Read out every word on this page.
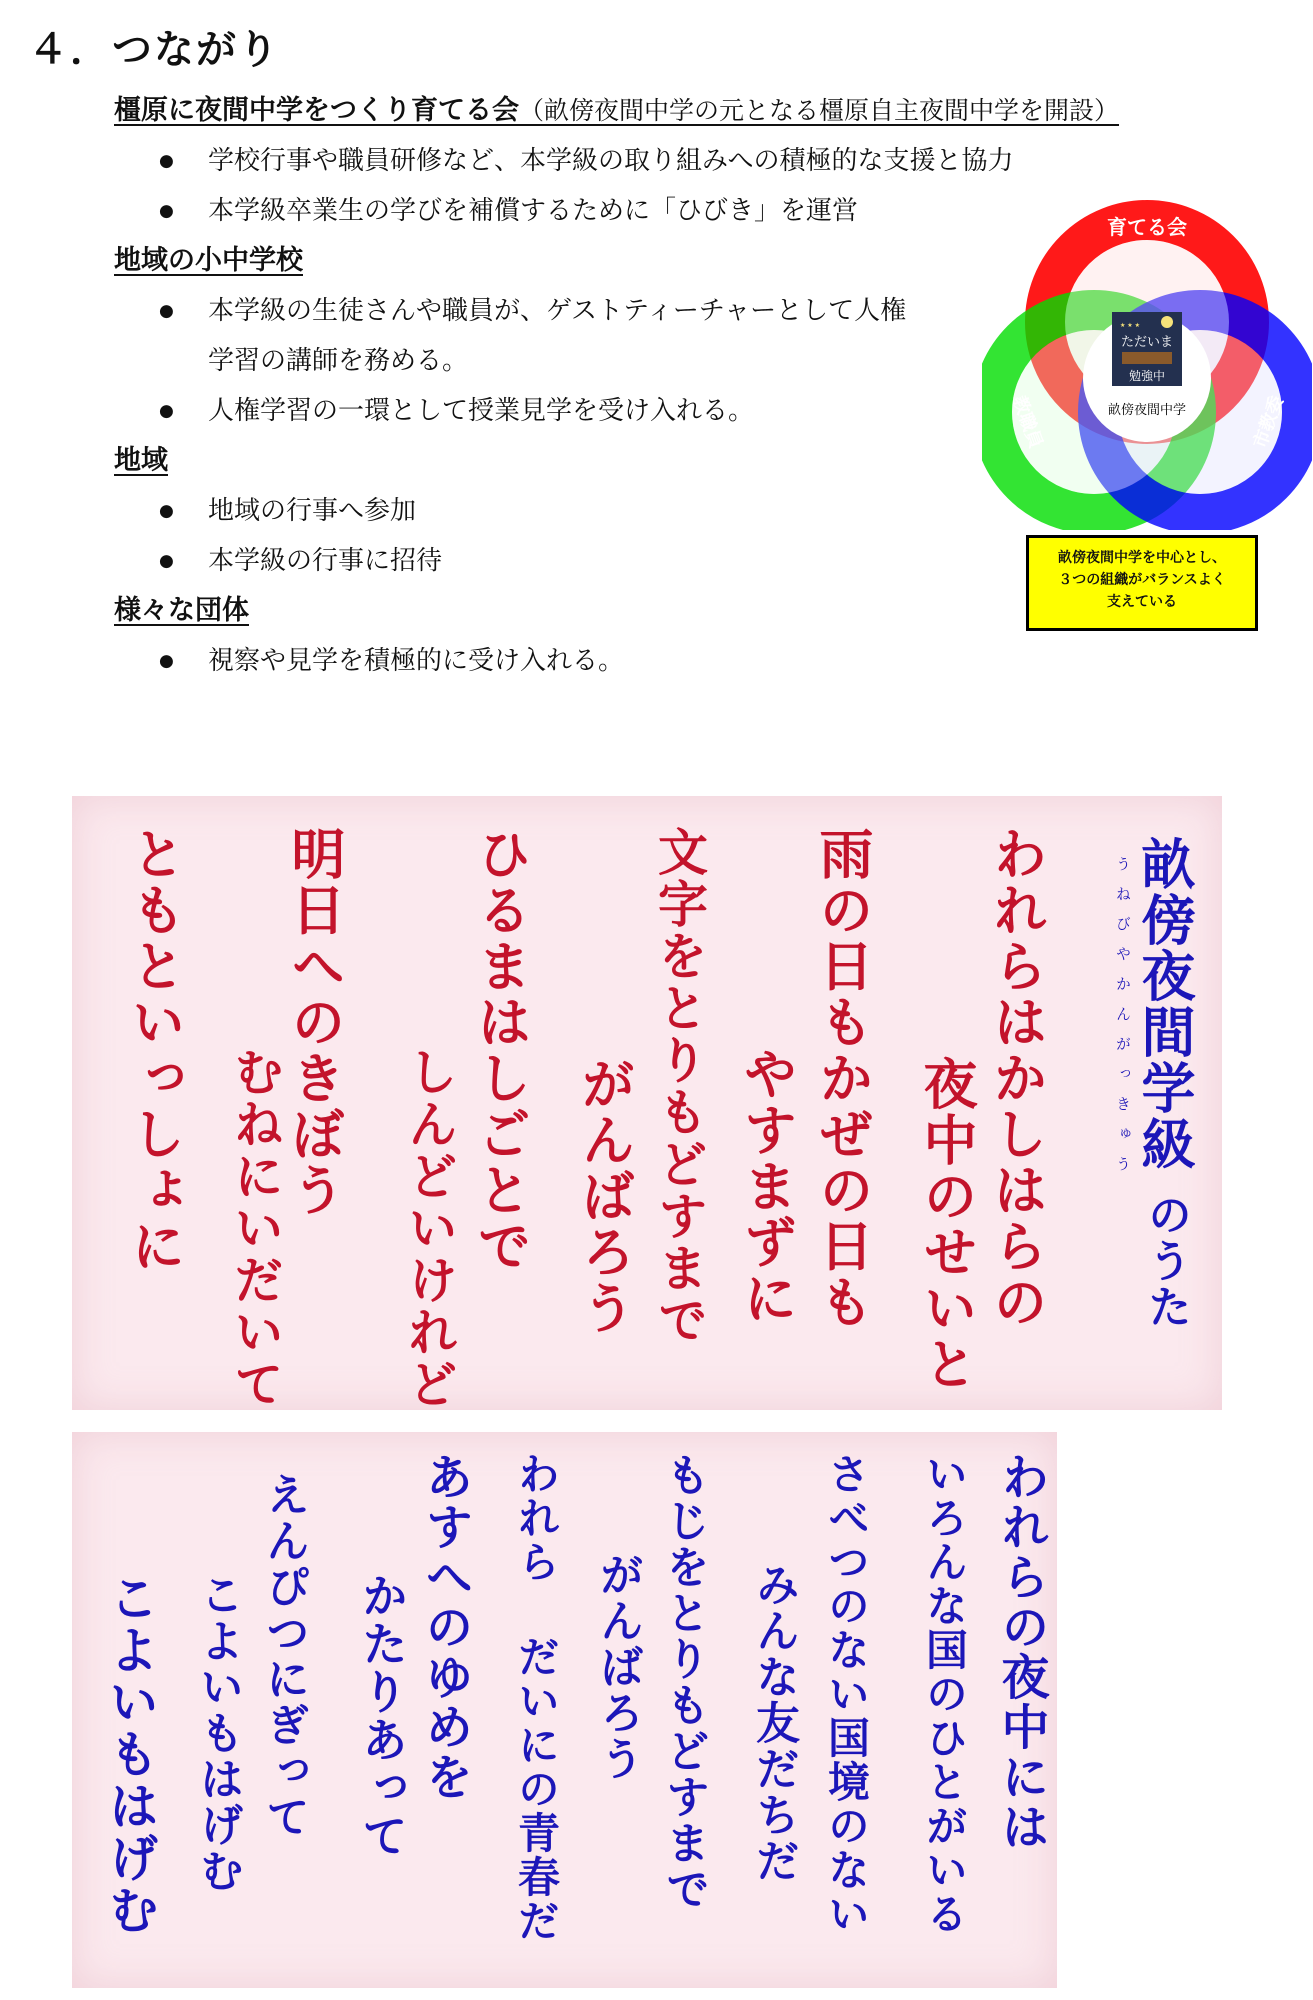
４．つながり
橿原に夜間中学をつくり育てる会（畝傍夜間中学の元となる橿原自主夜間中学を開設）
● 学校行事や職員研修など、本学級の取り組みへの積極的な支援と協力
● 本学級卒業生の学びを補償するために「ひびき」を運営
地域の小中学校
● 本学級の生徒さんや職員が、ゲストティーチャーとして人権
学習の講師を務める。
● 人権学習の一環として授業見学を受け入れる。
地域
● 地域の行事へ参加
● 本学級の行事に招待
様々な団体
● 視察や見学を積極的に受け入れる。
★ ★ ★
ただいま
勉強中
畝傍夜間中学
育てる会
教職員	市教委
畝傍夜間中学を中心とし、
３つの組織がバランスよく
支えている
畝傍夜間学級のうた
うねびやかんがっきゅう
われらはかしはらの
夜中のせいと
雨の日もかぜの日も
やすまずに
文字をとりもどすまで
がんばろう
ひるまはしごとで
しんどいけれど
明日へのきぼう
むねにいだいて
ともといっしょに
われらの夜中には
いろんな国のひとがいる
さべつのない国境のない
みんな友だちだ
もじをとりもどすまで
がんばろう
われら だいにの青春だ
あすへのゆめを
かたりあって
えんぴつにぎって
こよいもはげむ
こよいもはげむ
